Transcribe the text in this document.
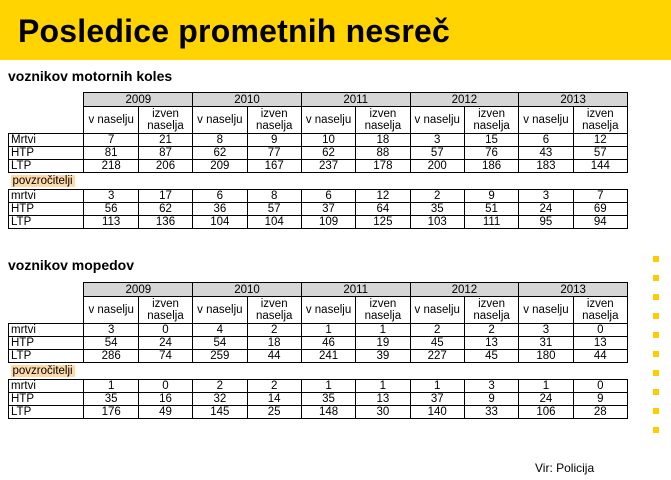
Posledice prometnih nesreč
voznikov motornih koles
	2009		2010		2011		2012		2013	
	v naselju	izven naselja	v naselju	izven naselja	v naselju	izven naselja	v naselju	izven naselja	v naselju	izven naselja
Mrtvi	7	21	8	9	10	18	3	15	6	12
HTP	81	87	62	77	62	88	57	76	43	57
LTP	218	206	209	167	237	178	200	186	183	144
povzročitelji										
mrtvi	3	17	6	8	6	12	2	9	3	7
HTP	56	62	36	57	37	64	35	51	24	69
LTP	113	136	104	104	109	125	103	111	95	94
voznikov mopedov
	2009		2010		2011		2012		2013	
	v naselju	izven naselja	v naselju	izven naselja	v naselju	izven naselja	v naselju	izven naselja	v naselju	izven naselja
mrtvi	3	0	4	2	1	1	2	2	3	0
HTP	54	24	54	18	46	19	45	13	31	13
LTP	286	74	259	44	241	39	227	45	180	44
povzročitelji										
mrtvi	1	0	2	2	1	1	1	3	1	0
HTP	35	16	32	14	35	13	37	9	24	9
LTP	176	49	145	25	148	30	140	33	106	28
Vir: Policija
